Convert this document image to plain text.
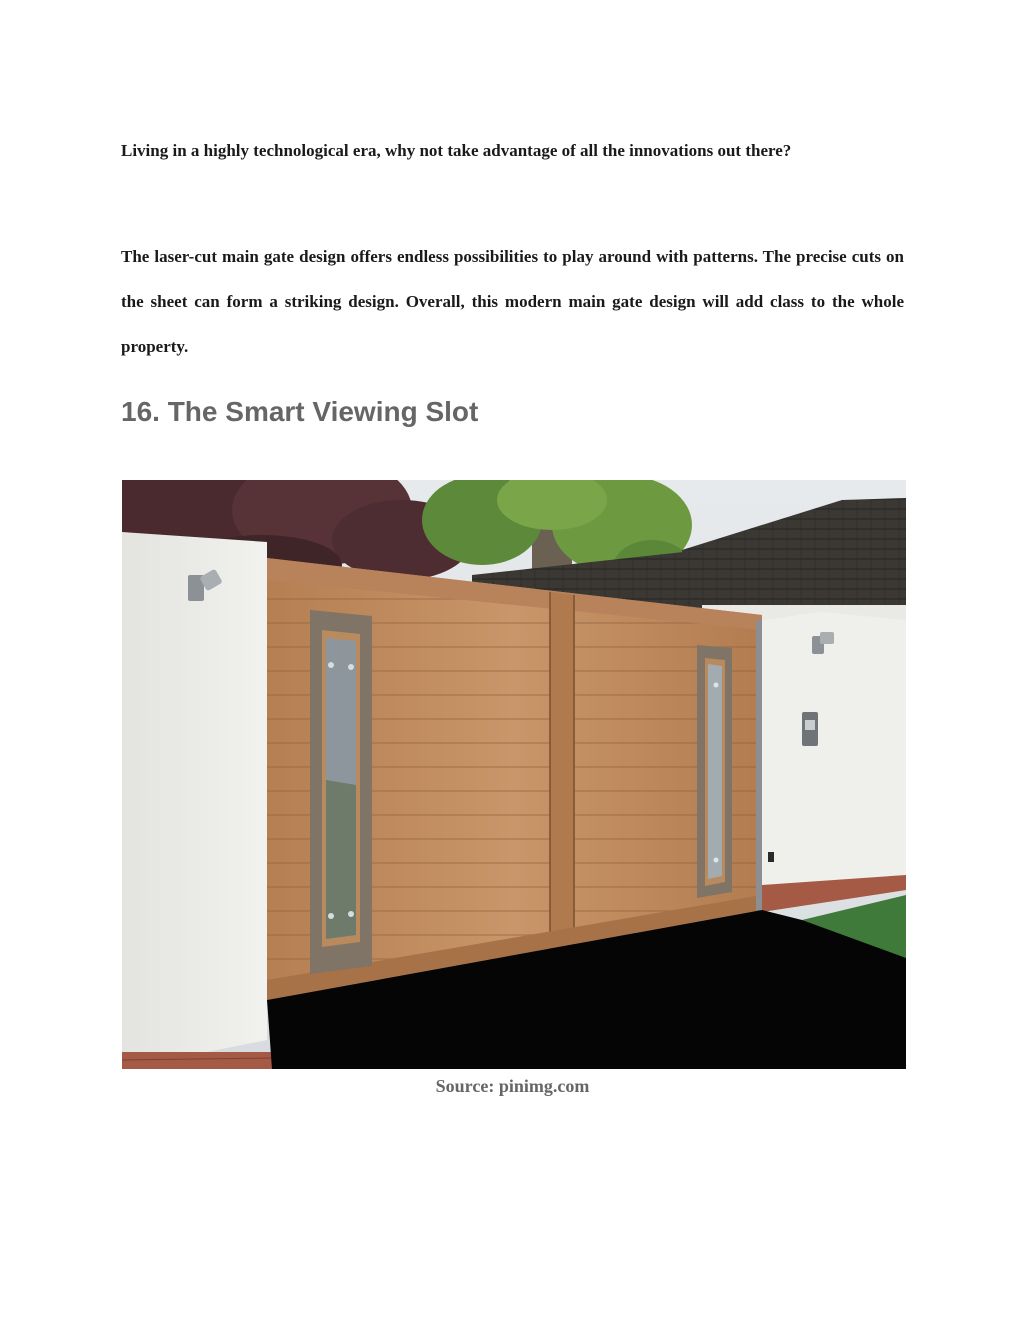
Living in a highly technological era, why not take advantage of all the innovations out there?

The laser-cut main gate design offers endless possibilities to play around with patterns. The precise cuts on the sheet can form a striking design. Overall, this modern main gate design will add class to the whole property.

16. The Smart Viewing Slot

Source: pinimg.com
